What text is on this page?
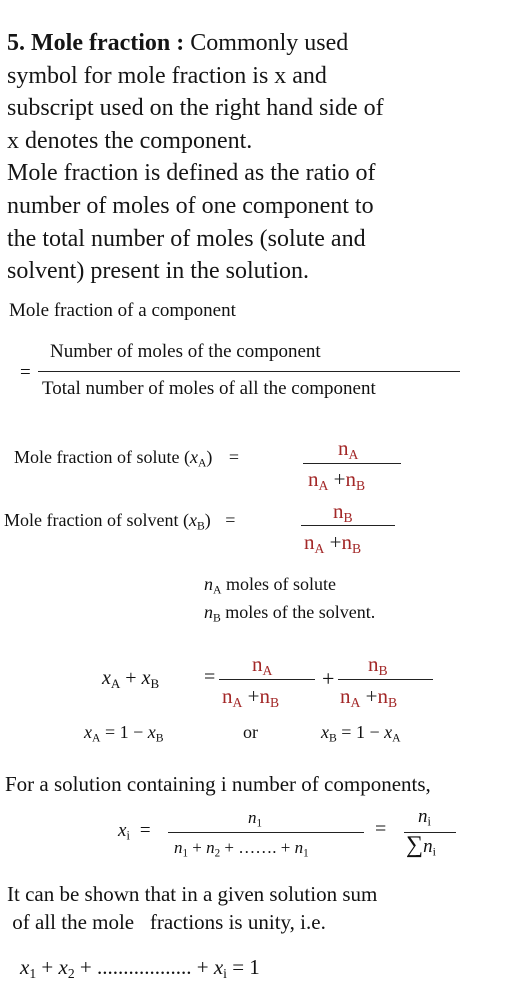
5. Mole fraction : Commonly used
symbol for mole fraction is x and
subscript used on the right hand side of
x denotes the component.
Mole fraction is defined as the ratio of
number of moles of one component to
the total number of moles (solute and
solvent) present in the solution.
Mole fraction of a component
=
Number of moles of the component
Total number of moles of all the component
Mole fraction of solute $(x_A)$ =	$n_A$
$n_A +n_B$
Mole fraction of solvent $(x_B)$ =	$n_B$
$n_A +n_B$
$n_A$ moles of solute
$n_B$ moles of the solvent.
$x_A + x_B$ =
$n_A$
$n_A +n_B$
+
$n_B$
$n_A +n_B$
$x_A = 1 - x_B$	or	$x_B = 1 - x_A$
For a solution containing i number of components,
$x_i$ =
$n_1$
$n_1 + n_2$ + ……. + $n_1$
=
$n_i$
$\sum n_i$
It can be shown that in a given solution sum
of all the mole   fractions is unity, i.e.
$x_1 + x_2$ + .................. + $x_i = 1$
